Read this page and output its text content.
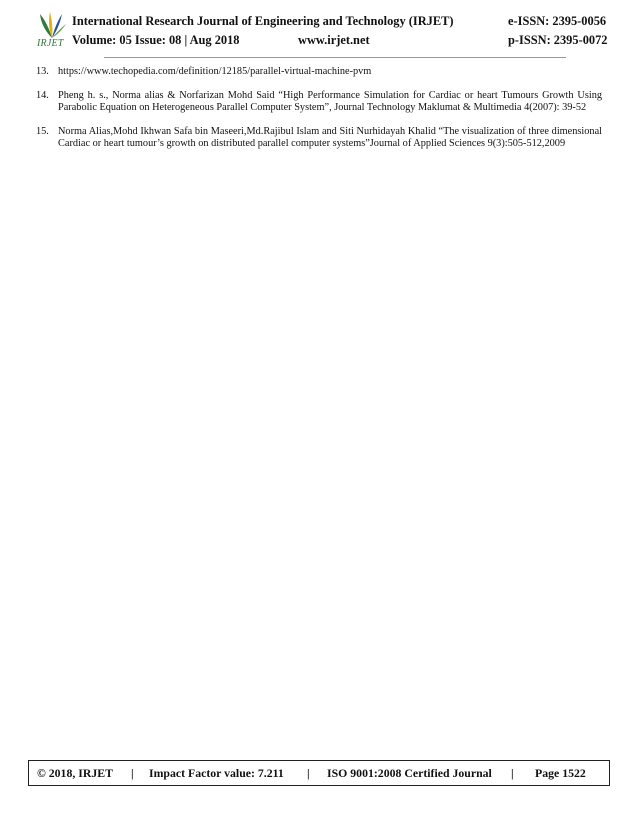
IRJET
International Research Journal of Engineering and Technology (IRJET)	e-ISSN: 2395-0056
Volume: 05 Issue: 08 | Aug 2018	www.irjet.net	p-ISSN: 2395-0072
13. https://www.techopedia.com/definition/12185/parallel-virtual-machine-pvm
14. Pheng h. s., Norma alias & Norfarizan Mohd Said “High Performance Simulation for Cardiac or heart Tumours Growth Using Parabolic Equation on Heterogeneous Parallel Computer System”, Journal Technology Maklumat & Multimedia 4(2007): 39-52
15. Norma Alias,Mohd Ikhwan Safa bin Maseeri,Md.Rajibul Islam and Siti Nurhidayah Khalid “The visualization of three dimensional Cardiac or heart tumour’s growth on distributed parallel computer systems”Journal of Applied Sciences 9(3):505-512,2009
© 2018, IRJET | Impact Factor value: 7.211 | ISO 9001:2008 Certified Journal | Page 1522
